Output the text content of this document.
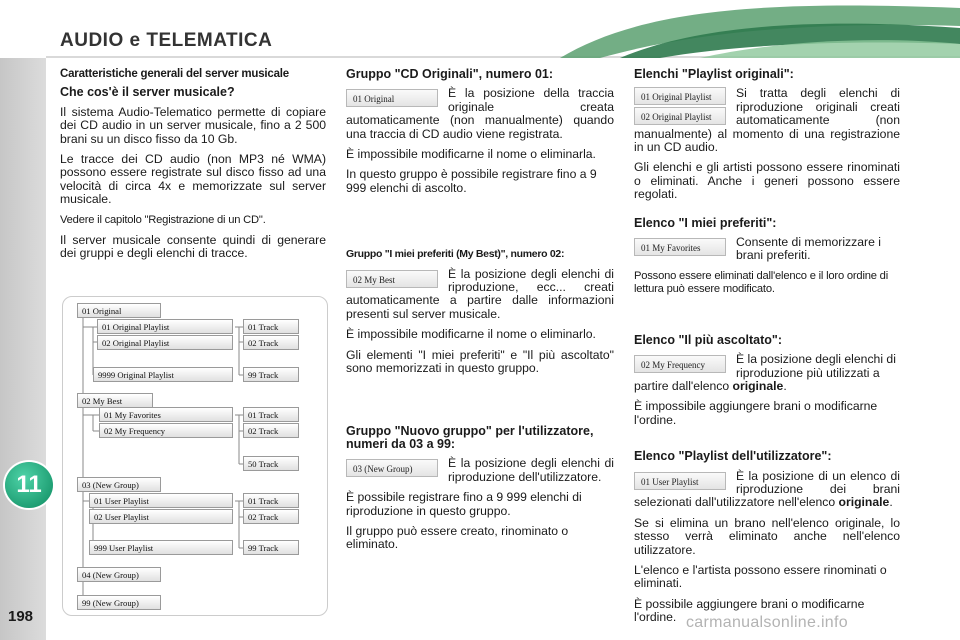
AUDIO e TELEMATICA
11
198
Caratteristiche generali del server musicale
Che cos'è il server musicale?

Il sistema Audio-Telematico permette di copiare dei CD audio in un server musicale, fino a 2 500 brani su un disco fisso da 10 Gb.

Le tracce dei CD audio (non MP3 né WMA) possono essere registrate sul disco fisso ad una velocità di circa 4x e memorizzate sul server musicale.

Vedere il capitolo "Registrazione di un CD".

Il server musicale consente quindi di generare dei gruppi e degli elenchi di tracce.

01 Original
01 Original Playlist
02 Original Playlist
9999 Original Playlist
01 Track
02 Track
99 Track
02 My Best
01 My Favorites
02 My Frequency
01 Track
02 Track
50 Track
03 (New Group)
01 User Playlist
02 User Playlist
999 User Playlist
01 Track
02 Track
99 Track
04 (New Group)
99 (New Group)
Gruppo "CD Originali", numero 01:
01 Original	È la posizione della traccia originale creata automaticamente (non manualmente) quando una traccia di CD audio viene registrata.

È impossibile modificarne il nome o eliminarla.

In questo gruppo è possibile registrare fino a 9 999 elenchi di ascolto.

Gruppo "I miei preferiti (My Best)", numero 02:
02 My Best	È la posizione degli elenchi di riproduzione, ecc... creati automaticamente a partire dalle informazioni presenti sul server musicale.

È impossibile modificarne il nome o eliminarlo.

Gli elementi "I miei preferiti" e "Il più ascoltato" sono memorizzati in questo gruppo.

Gruppo "Nuovo gruppo" per l'utilizzatore, numeri da 03 a 99:
03 (New Group)	È la posizione degli elenchi di riproduzione dell'utilizzatore.

È possibile registrare fino a 9 999 elenchi di riproduzione in questo gruppo.

Il gruppo può essere creato, rinominato o eliminato.

Elenchi "Playlist originali":
01 Original Playlist 02 Original Playlist

Si tratta degli elenchi di riproduzione originali creati automaticamente (non manualmente) al momento di una registrazione in un CD audio.

Gli elenchi e gli artisti possono essere rinominati o eliminati. Anche i generi possono essere regolati.

Elenco "I miei preferiti":
01 My Favorites	Consente di memorizzare i brani preferiti.

Possono essere eliminati dall'elenco e il loro ordine di lettura può essere modificato.

Elenco "Il più ascoltato":
02 My Frequency	È la posizione degli elenchi di riproduzione più utilizzati a partire dall'elenco originale.

È impossibile aggiungere brani o modificarne l'ordine.

Elenco "Playlist dell'utilizzatore":
01 User Playlist	È la posizione di un elenco di riproduzione dei brani selezionati dall'utilizzatore nell'elenco originale.

Se si elimina un brano nell'elenco originale, lo stesso verrà eliminato anche nell'elenco utilizzatore.

L'elenco e l'artista possono essere rinominati o eliminati.

È possibile aggiungere brani o modificarne l'ordine. carmanualsonline.info
